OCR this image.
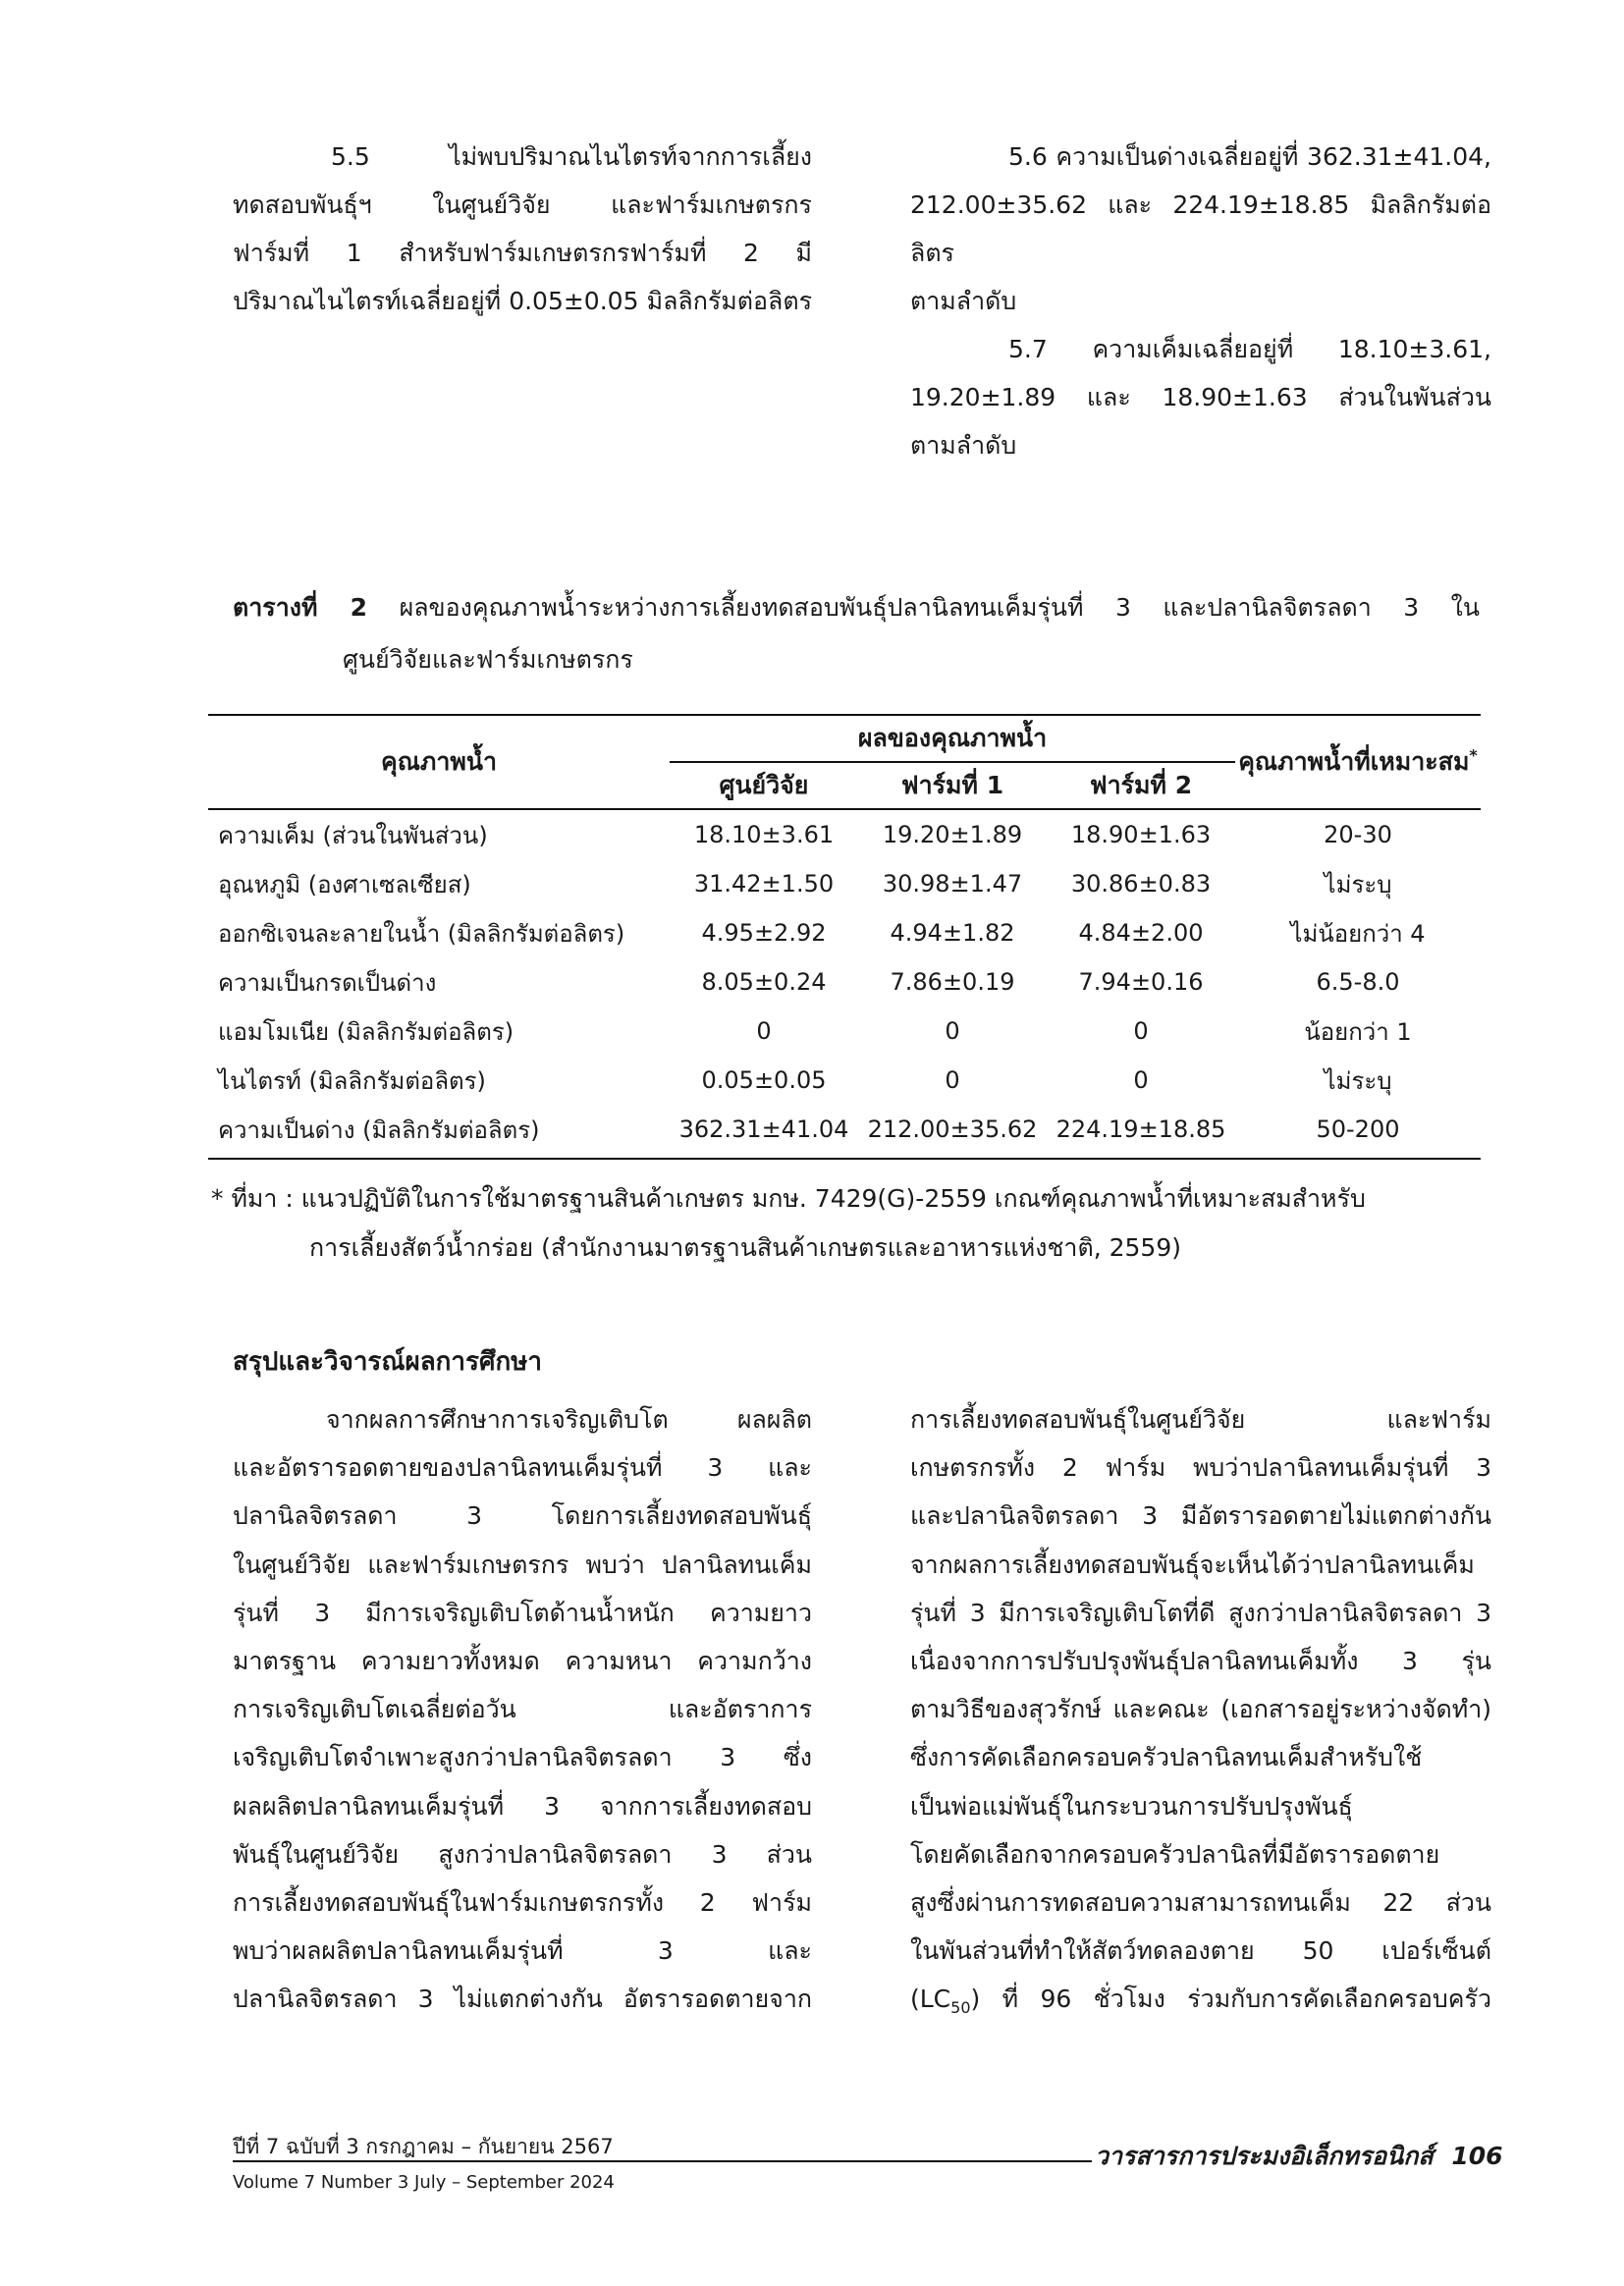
5.5 ไม่พบปริมาณไนไตรท์จากการเลี้ยง

ทดสอบพันธุ์ฯ ในศูนย์วิจัย และฟาร์มเกษตรกร

ฟาร์มที่ 1 สำหรับฟาร์มเกษตรกรฟาร์มที่ 2 มี

ปริมาณไนไตรท์เฉลี่ยอยู่ที่ 0.05±0.05 มิลลิกรัมต่อลิตร

5.6 ความเป็นด่างเฉลี่ยอยู่ที่ 362.31±41.04,

212.00±35.62 และ 224.19±18.85 มิลลิกรัมต่อลิตร

ตามลำดับ

5.7 ความเค็มเฉลี่ยอยู่ที่ 18.10±3.61,

19.20±1.89 และ 18.90±1.63 ส่วนในพันส่วน

ตามลำดับ

ตารางที่ 2 ผลของคุณภาพน้ำระหว่างการเลี้ยงทดสอบพันธุ์ปลานิลทนเค็มรุ่นที่ 3 และปลานิลจิตรลดา 3 ใน
ศูนย์วิจัยและฟาร์มเกษตรกร
คุณภาพน้ำ	ผลของคุณภาพน้ำ			คุณภาพน้ำที่เหมาะสม*
	ศูนย์วิจัย	ฟาร์มที่ 1	ฟาร์มที่ 2	
ความเค็ม (ส่วนในพันส่วน)	18.10±3.61	19.20±1.89	18.90±1.63	20-30
อุณหภูมิ (องศาเซลเซียส)	31.42±1.50	30.98±1.47	30.86±0.83	ไม่ระบุ
ออกซิเจนละลายในน้ำ (มิลลิกรัมต่อลิตร)	4.95±2.92	4.94±1.82	4.84±2.00	ไม่น้อยกว่า 4
ความเป็นกรดเป็นด่าง	8.05±0.24	7.86±0.19	7.94±0.16	6.5-8.0
แอมโมเนีย (มิลลิกรัมต่อลิตร)	0	0	0	น้อยกว่า 1
ไนไตรท์ (มิลลิกรัมต่อลิตร)	0.05±0.05	0	0	ไม่ระบุ
ความเป็นด่าง (มิลลิกรัมต่อลิตร)	362.31±41.04	212.00±35.62	224.19±18.85	50-200

* ที่มา : แนวปฏิบัติในการใช้มาตรฐานสินค้าเกษตร มกษ. 7429(G)-2559 เกณฑ์คุณภาพน้ำที่เหมาะสมสำหรับ
การเลี้ยงสัตว์น้ำกร่อย (สำนักงานมาตรฐานสินค้าเกษตรและอาหารแห่งชาติ, 2559)
สรุปและวิจารณ์ผลการศึกษา

จากผลการศึกษาการเจริญเติบโต ผลผลิต

และอัตรารอดตายของปลานิลทนเค็มรุ่นที่ 3 และ

ปลานิลจิตรลดา 3 โดยการเลี้ยงทดสอบพันธุ์

ในศูนย์วิจัย และฟาร์มเกษตรกร พบว่า ปลานิลทนเค็ม

รุ่นที่ 3 มีการเจริญเติบโตด้านน้ำหนัก ความยาว

มาตรฐาน ความยาวทั้งหมด ความหนา ความกว้าง

การเจริญเติบโตเฉลี่ยต่อวัน และอัตราการ

เจริญเติบโตจำเพาะสูงกว่าปลานิลจิตรลดา 3 ซึ่ง

ผลผลิตปลานิลทนเค็มรุ่นที่ 3 จากการเลี้ยงทดสอบ

พันธุ์ในศูนย์วิจัย สูงกว่าปลานิลจิตรลดา 3 ส่วน

การเลี้ยงทดสอบพันธุ์ในฟาร์มเกษตรกรทั้ง 2 ฟาร์ม

พบว่าผลผลิตปลานิลทนเค็มรุ่นที่ 3 และ

ปลานิลจิตรลดา 3 ไม่แตกต่างกัน อัตรารอดตายจาก

การเลี้ยงทดสอบพันธุ์ในศูนย์วิจัย และฟาร์ม

เกษตรกรทั้ง 2 ฟาร์ม พบว่าปลานิลทนเค็มรุ่นที่ 3

และปลานิลจิตรลดา 3 มีอัตรารอดตายไม่แตกต่างกัน

จากผลการเลี้ยงทดสอบพันธุ์จะเห็นได้ว่าปลานิลทนเค็ม

รุ่นที่ 3 มีการเจริญเติบโตที่ดี สูงกว่าปลานิลจิตรลดา 3

เนื่องจากการปรับปรุงพันธุ์ปลานิลทนเค็มทั้ง 3 รุ่น

ตามวิธีของสุวรักษ์ และคณะ (เอกสารอยู่ระหว่างจัดทำ)

ซึ่งการคัดเลือกครอบครัวปลานิลทนเค็มสำหรับใช้

เป็นพ่อแม่พันธุ์ในกระบวนการปรับปรุงพันธุ์

โดยคัดเลือกจากครอบครัวปลานิลที่มีอัตรารอดตาย

สูงซึ่งผ่านการทดสอบความสามารถทนเค็ม 22 ส่วน

ในพันส่วนที่ทำให้สัตว์ทดลองตาย 50 เปอร์เซ็นต์

$(LC_{50})$ ที่ 96 ชั่วโมง ร่วมกับการคัดเลือกครอบครัว

ปีที่ 7 ฉบับที่ 3 กรกฎาคม – กันยายน 2567
Volume 7 Number 3 July – September 2024
วารสารการประมงอิเล็กทรอนิกส์ 106
